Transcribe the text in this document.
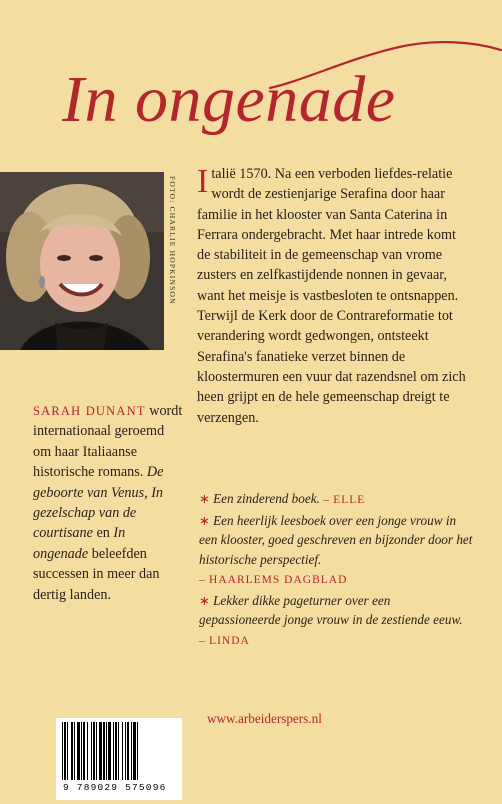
In ongenade
FOTO: CHARLIE HOPKINSON Italië 1570. Na een verboden liefdes-relatie wordt de zestienjarige Serafina door haar familie in het klooster van Santa Caterina in Ferrara ondergebracht. Met haar intrede komt de stabiliteit in de gemeenschap van vrome zusters en zelfkastijdende nonnen in gevaar, want het meisje is vastbesloten te ontsnappen. Terwijl de Kerk door de Contrareformatie tot verandering wordt gedwongen, ontsteekt Serafina's fanatieke verzet binnen de kloostermuren een vuur dat razendsnel om zich heen grijpt en de hele gemeenschap dreigt te verzengen.
SARAH DUNANT wordt internationaal geroemd om haar Italiaanse historische romans. De geboorte van Venus, In gezelschap van de courtisane en In ongenade beleefden successen in meer dan dertig landen.

∗ Een zinderend boek. – ELLE

∗ Een heerlijk leesboek over een jonge vrouw in een klooster, goed geschreven en bijzonder door het historische perspectief.
– HAARLEMS DAGBLAD

∗ Lekker dikke pageturner over een gepassioneerde jonge vrouw in de zestiende eeuw.
– LINDA

www.arbeiderspers.nl
9 789029 575096
